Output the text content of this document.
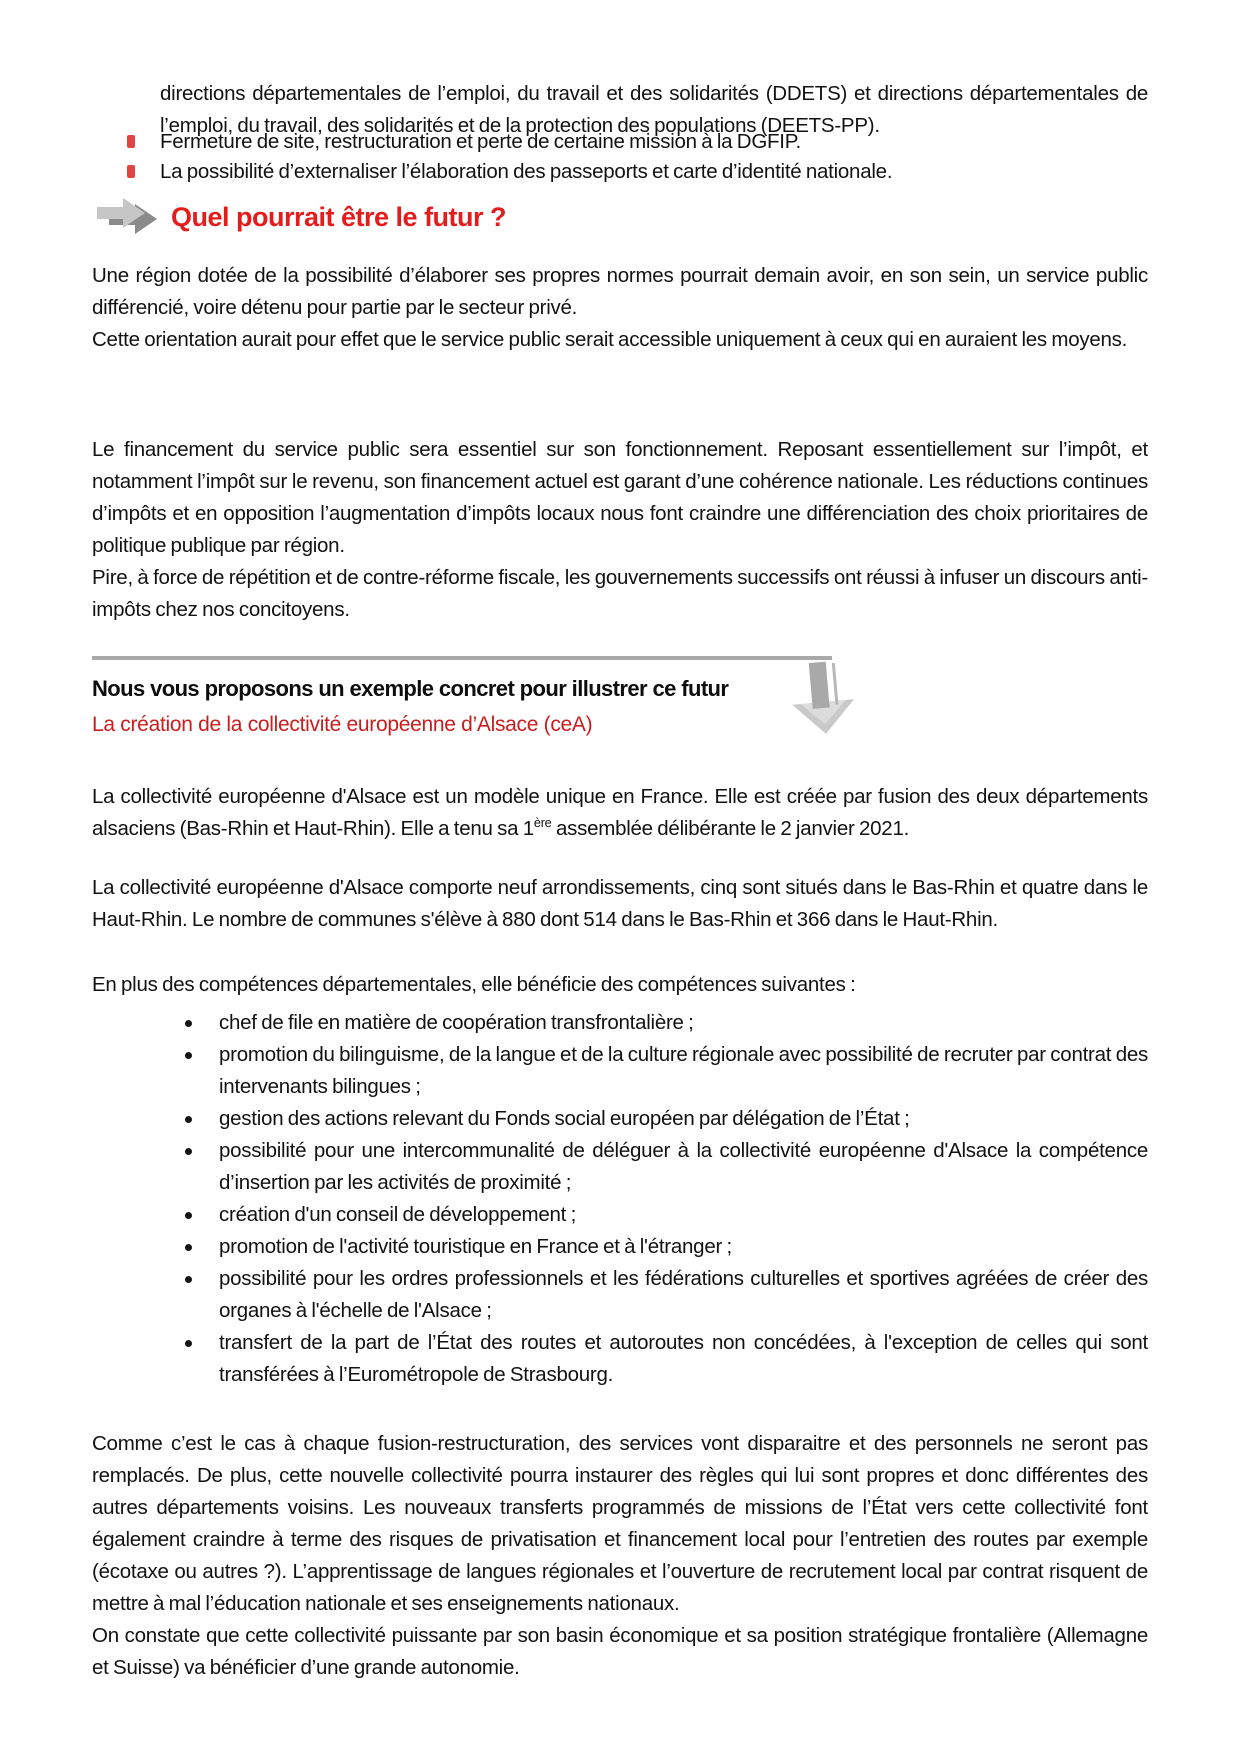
directions départementales de l’emploi, du travail et des solidarités (DDETS) et directions départementales de l’emploi, du travail, des solidarités et de la protection des populations (DEETS-PP).

Fermeture de site, restructuration et perte de certaine mission à la DGFIP.
La possibilité d’externaliser l’élaboration des passeports et carte d’identité nationale.
Quel pourrait être le futur ?

Une région dotée de la possibilité d’élaborer ses propres normes pourrait demain avoir, en son sein, un service public différencié, voire détenu pour partie par le secteur privé.

Cette orientation aurait pour effet que le service public serait accessible uniquement à ceux qui en auraient les moyens.

Le financement du service public sera essentiel sur son fonctionnement. Reposant essentiellement sur l’impôt, et notamment l’impôt sur le revenu, son financement actuel est garant d’une cohérence nationale. Les réductions continues d’impôts et en opposition l’augmentation d’impôts locaux nous font craindre une différenciation des choix prioritaires de politique publique par région.

Pire, à force de répétition et de contre-réforme fiscale, les gouvernements successifs ont réussi à infuser un discours anti-impôts chez nos concitoyens.

Nous vous proposons un exemple concret pour illustrer ce futur
La création de la collectivité européenne d’Alsace (ceA)

La collectivité européenne d'Alsace est un modèle unique en France. Elle est créée par fusion des deux départements alsaciens (Bas-Rhin et Haut-Rhin). Elle a tenu sa 1ère assemblée délibérante le 2 janvier 2021.

La collectivité européenne d'Alsace comporte neuf arrondissements, cinq sont situés dans le Bas-Rhin et quatre dans le Haut-Rhin. Le nombre de communes s'élève à 880 dont 514 dans le Bas-Rhin et 366 dans le Haut-Rhin.

En plus des compétences départementales, elle bénéficie des compétences suivantes :

chef de file en matière de coopération transfrontalière ;

promotion du bilinguisme, de la langue et de la culture régionale avec possibilité de recruter par contrat des intervenants bilingues ;

gestion des actions relevant du Fonds social européen par délégation de l’État ;

possibilité pour une intercommunalité de déléguer à la collectivité européenne d'Alsace la compétence d’insertion par les activités de proximité ;

création d'un conseil de développement ;

promotion de l'activité touristique en France et à l'étranger ;

possibilité pour les ordres professionnels et les fédérations culturelles et sportives agréées de créer des organes à l'échelle de l'Alsace ;

transfert de la part de l’État des routes et autoroutes non concédées, à l'exception de celles qui sont transférées à l’Eurométropole de Strasbourg.

Comme c’est le cas à chaque fusion-restructuration, des services vont disparaitre et des personnels ne seront pas remplacés. De plus, cette nouvelle collectivité pourra instaurer des règles qui lui sont propres et donc différentes des autres départements voisins. Les nouveaux transferts programmés de missions de l’État vers cette collectivité font également craindre à terme des risques de privatisation et financement local pour l’entretien des routes par exemple (écotaxe ou autres ?). L’apprentissage de langues régionales et l’ouverture de recrutement local par contrat risquent de mettre à mal l’éducation nationale et ses enseignements nationaux.

On constate que cette collectivité puissante par son basin économique et sa position stratégique frontalière (Allemagne et Suisse) va bénéficier d’une grande autonomie.
